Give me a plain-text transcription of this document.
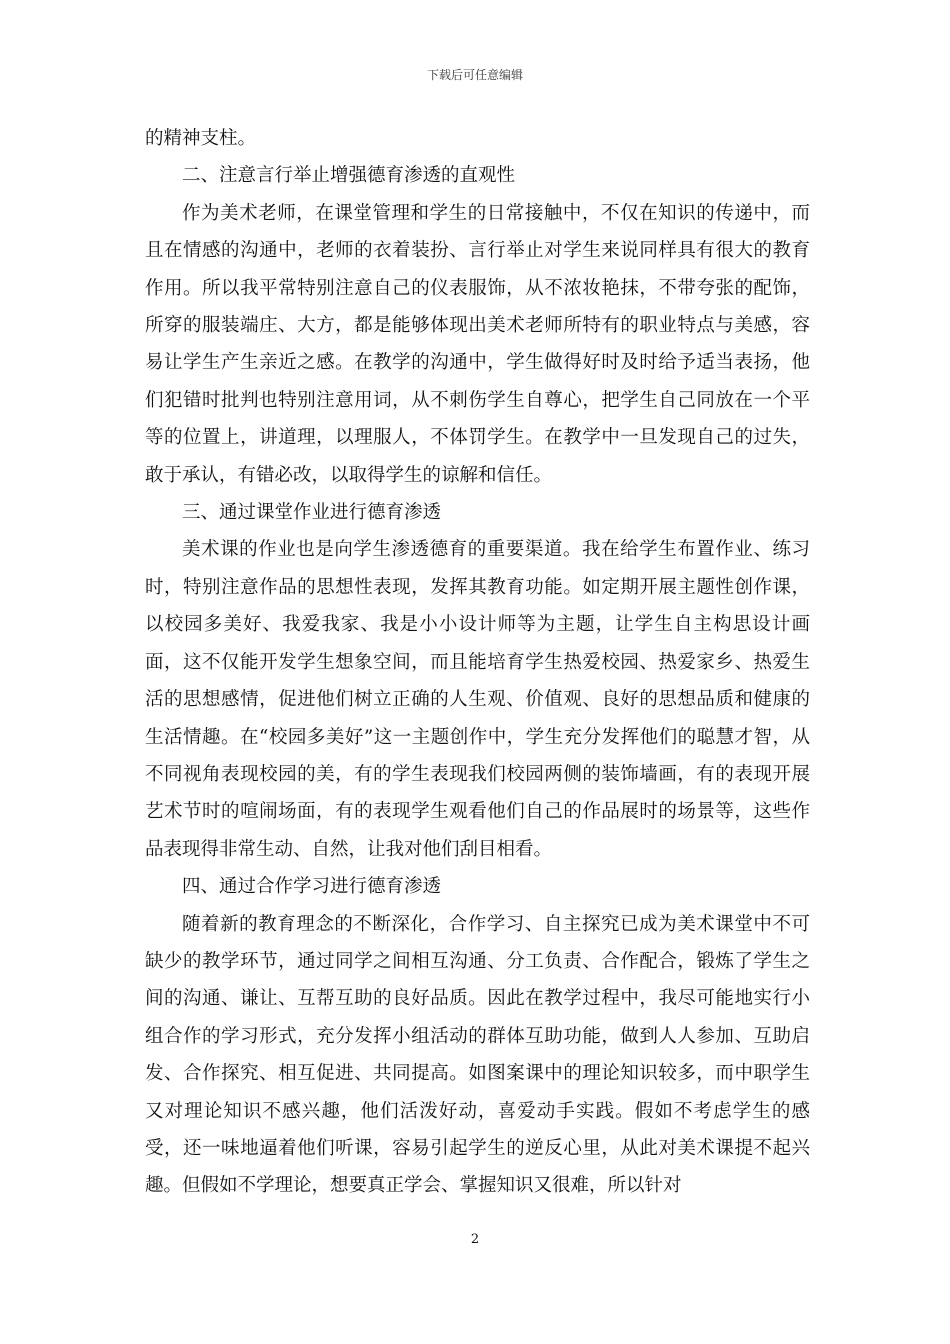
下载后可任意编辑

的精神支柱。

二、注意言行举止增强德育渗透的直观性

作为美术老师，在课堂管理和学生的日常接触中，不仅在知识的传递中，而且在情感的沟通中，老师的衣着装扮、言行举止对学生来说同样具有很大的教育作用。所以我平常特别注意自己的仪表服饰，从不浓妆艳抹，不带夸张的配饰，所穿的服装端庄、大方，都是能够体现出美术老师所特有的职业特点与美感，容易让学生产生亲近之感。在教学的沟通中，学生做得好时及时给予适当表扬，他们犯错时批判也特别注意用词，从不刺伤学生自尊心，把学生自己同放在一个平等的位置上，讲道理，以理服人，不体罚学生。在教学中一旦发现自己的过失，敢于承认，有错必改，以取得学生的谅解和信任。

三、通过课堂作业进行德育渗透

美术课的作业也是向学生渗透德育的重要渠道。我在给学生布置作业、练习时，特别注意作品的思想性表现，发挥其教育功能。如定期开展主题性创作课，以校园多美好、我爱我家、我是小小设计师等为主题，让学生自主构思设计画面，这不仅能开发学生想象空间，而且能培育学生热爱校园、热爱家乡、热爱生活的思想感情，促进他们树立正确的人生观、价值观、良好的思想品质和健康的生活情趣。在“校园多美好”这一主题创作中，学生充分发挥他们的聪慧才智，从不同视角表现校园的美，有的学生表现我们校园两侧的装饰墙画，有的表现开展艺术节时的喧闹场面，有的表现学生观看他们自己的作品展时的场景等，这些作品表现得非常生动、自然，让我对他们刮目相看。

四、通过合作学习进行德育渗透

随着新的教育理念的不断深化，合作学习、自主探究已成为美术课堂中不可缺少的教学环节，通过同学之间相互沟通、分工负责、合作配合，锻炼了学生之间的沟通、谦让、互帮互助的良好品质。因此在教学过程中，我尽可能地实行小组合作的学习形式，充分发挥小组活动的群体互助功能，做到人人参加、互助启发、合作探究、相互促进、共同提高。如图案课中的理论知识较多，而中职学生又对理论知识不感兴趣，他们活泼好动，喜爱动手实践。假如不考虑学生的感受，还一味地逼着他们听课，容易引起学生的逆反心里，从此对美术课提不起兴趣。但假如不学理论，想要真正学会、掌握知识又很难，所以针对

2
